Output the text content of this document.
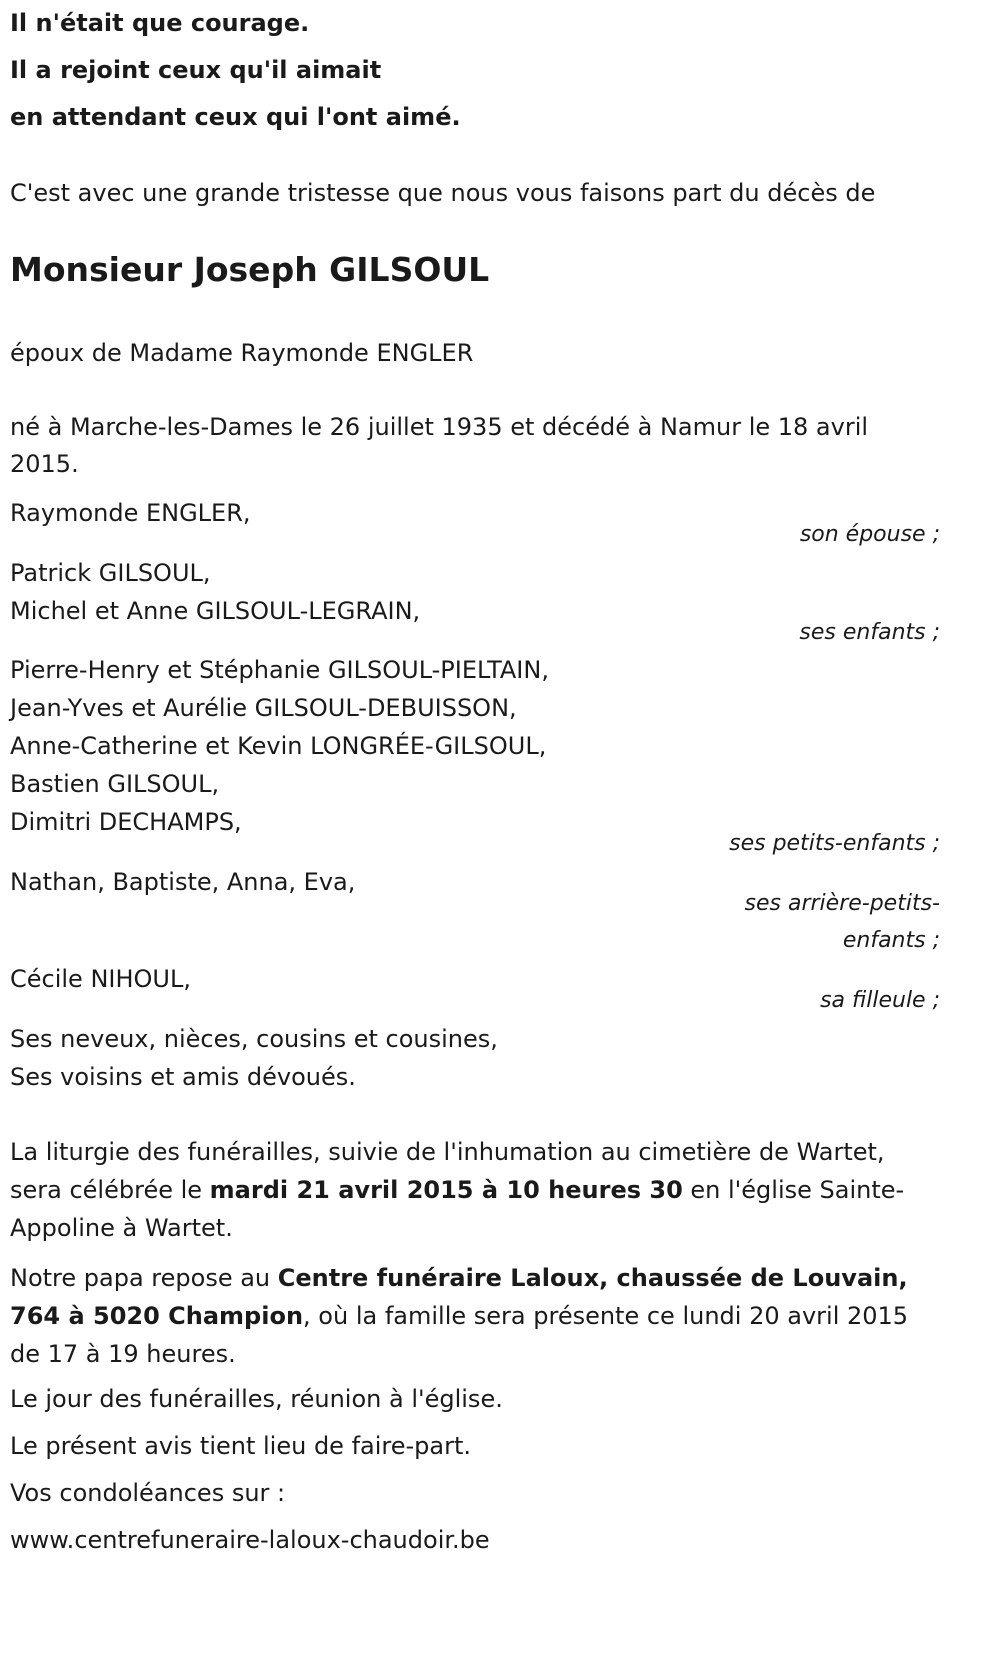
Il n'était que courage.
Il a rejoint ceux qu'il aimait
en attendant ceux qui l'ont aimé.
C'est avec une grande tristesse que nous vous faisons part du décès de
Monsieur Joseph GILSOUL
époux de Madame Raymonde ENGLER
né à Marche-les-Dames le 26 juillet 1935 et décédé à Namur le 18 avril 2015.
Raymonde ENGLER,
son épouse ;
Patrick GILSOUL,
Michel et Anne GILSOUL-LEGRAIN,
ses enfants ;
Pierre-Henry et Stéphanie GILSOUL-PIELTAIN,
Jean-Yves et Aurélie GILSOUL-DEBUISSON,
Anne-Catherine et Kevin LONGRÉE-GILSOUL,
Bastien GILSOUL,
Dimitri DECHAMPS,
ses petits-enfants ;
Nathan, Baptiste, Anna, Eva,
ses arrière-petits-
enfants ;
Cécile NIHOUL,
sa filleule ;
Ses neveux, nièces, cousins et cousines,
Ses voisins et amis dévoués.
La liturgie des funérailles, suivie de l'inhumation au cimetière de Wartet, sera célébrée le mardi 21 avril 2015 à 10 heures 30 en l'église Sainte-Appoline à Wartet.
Notre papa repose au Centre funéraire Laloux, chaussée de Louvain, 764 à 5020 Champion, où la famille sera présente ce lundi 20 avril 2015 de 17 à 19 heures.
Le jour des funérailles, réunion à l'église.
Le présent avis tient lieu de faire-part.
Vos condoléances sur :
www.centrefuneraire-laloux-chaudoir.be
